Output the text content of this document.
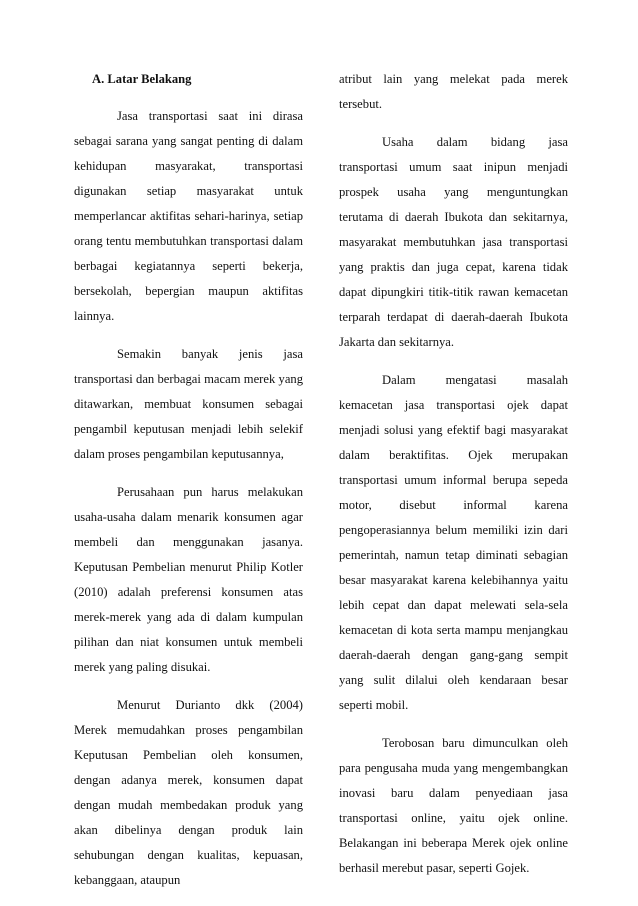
A. Latar Belakang

Jasa transportasi saat ini dirasa sebagai sarana yang sangat penting di dalam kehidupan masyarakat, transportasi digunakan setiap masyarakat untuk memperlancar aktifitas sehari-harinya, setiap orang tentu membutuhkan transportasi dalam berbagai kegiatannya seperti bekerja, bersekolah, bepergian maupun aktifitas lainnya.

Semakin banyak jenis jasa transportasi dan berbagai macam merek yang ditawarkan, membuat konsumen sebagai pengambil keputusan menjadi lebih selekif dalam proses pengambilan keputusannya,

Perusahaan pun harus melakukan usaha-usaha dalam menarik konsumen agar membeli dan menggunakan jasanya. Keputusan Pembelian menurut Philip Kotler (2010) adalah preferensi konsumen atas merek-merek yang ada di dalam kumpulan pilihan dan niat konsumen untuk membeli merek yang paling disukai.

Menurut Durianto dkk (2004) Merek memudahkan proses pengambilan Keputusan Pembelian oleh konsumen, dengan adanya merek, konsumen dapat dengan mudah membedakan produk yang akan dibelinya dengan produk lain sehubungan dengan kualitas, kepuasan, kebanggaan, ataupun

atribut lain yang melekat pada merek tersebut.

Usaha dalam bidang jasa transportasi umum saat inipun menjadi prospek usaha yang menguntungkan terutama di daerah Ibukota dan sekitarnya, masyarakat membutuhkan jasa transportasi yang praktis dan juga cepat, karena tidak dapat dipungkiri titik-titik rawan kemacetan terparah terdapat di daerah-daerah Ibukota Jakarta dan sekitarnya.

Dalam mengatasi masalah kemacetan jasa transportasi ojek dapat menjadi solusi yang efektif bagi masyarakat dalam beraktifitas. Ojek merupakan transportasi umum informal berupa sepeda motor, disebut informal karena pengoperasiannya belum memiliki izin dari pemerintah, namun tetap diminati sebagian besar masyarakat karena kelebihannya yaitu lebih cepat dan dapat melewati sela-sela kemacetan di kota serta mampu menjangkau daerah-daerah dengan gang-gang sempit yang sulit dilalui oleh kendaraan besar seperti mobil.

Terobosan baru dimunculkan oleh para pengusaha muda yang mengembangkan inovasi baru dalam penyediaan jasa transportasi online, yaitu ojek online. Belakangan ini beberapa Merek ojek online berhasil merebut pasar, seperti Gojek.
